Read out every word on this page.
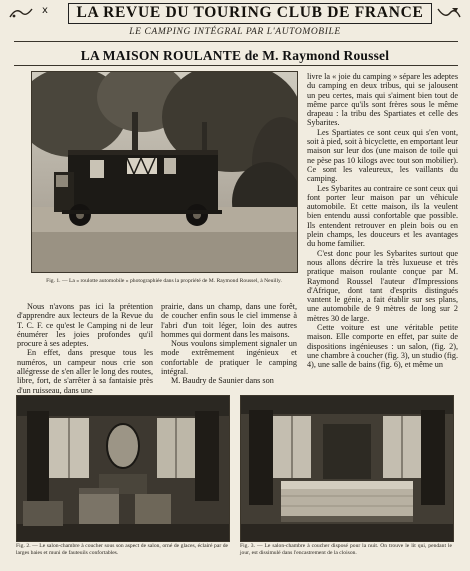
x	LA REVUE DU TOURING CLUB DE FRANCE
LE CAMPING INTÉGRAL PAR L'AUTOMOBILE
LA MAISON ROULANTE de M. Raymond Roussel
Fig. 1. — La « roulotte automobile » photographiée dans la propriété de M. Raymond Roussel, à Neuilly.

Nous n'avons pas ici la prétention d'apprendre aux lecteurs de la Revue du T. C. F. ce qu'est le Camping ni de leur énumérer les joies profondes qu'il procure à ses adeptes.

En effet, dans presque tous les numéros, un campeur nous crie son allégresse de s'en aller le long des routes, libre, fort, de s'arrêter à sa fantaisie près d'un ruisseau, dans une

prairie, dans un champ, dans une forêt, de coucher enfin sous le ciel immense à l'abri d'un toit léger, loin des autres hommes qui dorment dans les maisons.

Nous voulons simplement signaler un mode extrêmement ingénieux et confortable de pratiquer le camping intégral.

M. Baudry de Saunier dans son

livre la « joie du camping » sépare les adeptes du camping en deux tribus, qui se jalousent un peu certes, mais qui s'aiment bien tout de même parce qu'ils sont frères sous le même drapeau : la tribu des Spartiates et celle des Sybarites.

Les Spartiates ce sont ceux qui s'en vont, soit à pied, soit à bicyclette, en emportant leur maison sur leur dos (une maison de toile qui ne pèse pas 10 kilogs avec tout son mobilier). Ce sont les valeureux, les vaillants du camping.

Les Sybarites au contraire ce sont ceux qui font porter leur maison par un véhicule automobile. Et cette maison, ils la veulent bien entendu aussi confortable que possible. Ils entendent retrouver en plein bois ou en plein champs, les douceurs et les avantages du home familier.

C'est donc pour les Sybarites surtout que nous allons décrire la très luxueuse et très pratique maison roulante conçue par M. Raymond Roussel l'auteur d'Impressions d'Afrique, dont tant d'esprits distingués vantent le génie, a fait établir sur ses plans, une automobile de 9 mètres de long sur 2 mètres 30 de large.

Cette voiture est une véritable petite maison. Elle comporte en effet, par suite de dispositions ingénieuses : un salon, (fig. 2), une chambre à coucher (fig. 3), un studio (fig. 4), une salle de bains (fig. 6), et même un

Fig. 2. — Le salon-chambre à coucher sous son aspect de salon, orné de glaces, éclairé par de larges baies et muni de fauteuils confortables.
Fig. 3. — Le salon-chambre à coucher disposé pour la nuit. On trouve le lit qui, pendant le jour, est dissimulé dans l'encastrement de la cloison.
